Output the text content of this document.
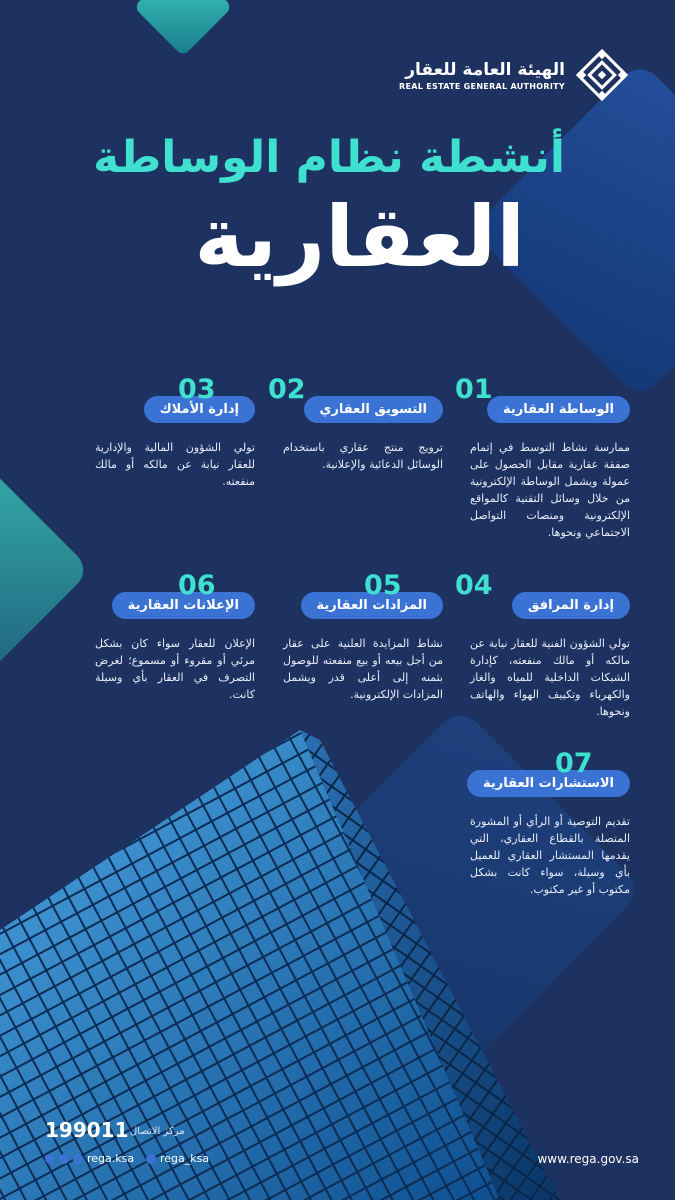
الهيئة العامة للعقار
REAL ESTATE GENERAL AUTHORITY
أنشطة نظام الوساطة
العقارية
01
الوساطة العقارية
ممارسة نشاط التوسط في إتمام صفقة عقارية مقابل الحصول على عمولة ويشمل الوساطة الإلكترونية من خلال وسائل التقنية كالمواقع الإلكترونية ومنصات التواصل الاجتماعي ونحوها.
02
التسويق العقاري
ترويج منتج عقاري باستخدام الوسائل الدعائية والإعلانية.
03
إدارة الأملاك
تولي الشؤون المالية والإدارية للعقار نيابة عن مالكه أو مالك منفعته.
04
إدارة المرافق
تولي الشؤون الفنية للعقار نيابة عن مالكه أو مالك منفعته، كإدارة الشبكات الداخلية للمياه والغاز والكهرباء وتكييف الهواء والهاتف ونحوها.
05
المزادات العقارية
نشاط المزايدة العلنية على عقار من أجل بيعه أو بيع منفعته للوصول بثمنه إلى أعلى قدر ويشمل المزادات الإلكترونية.
06
الإعلانات العقارية
الإعلان للعقار سواء كان بشكل مرئي أو مقروء أو مسموع؛ لغرض التصرف في العقار بأي وسيلة كانت.
07
الاستشارات العقارية
تقديم التوصية أو الرأي أو المشورة المتصلة بالقطاع العقاري، التي يقدمها المستشار العقاري للعميل بأي وسيلة، سواء كانت بشكل مكتوب أو غير مكتوب.
199011 مركز الاتصال
rega.ksa rega_ksa	www.rega.gov.sa
